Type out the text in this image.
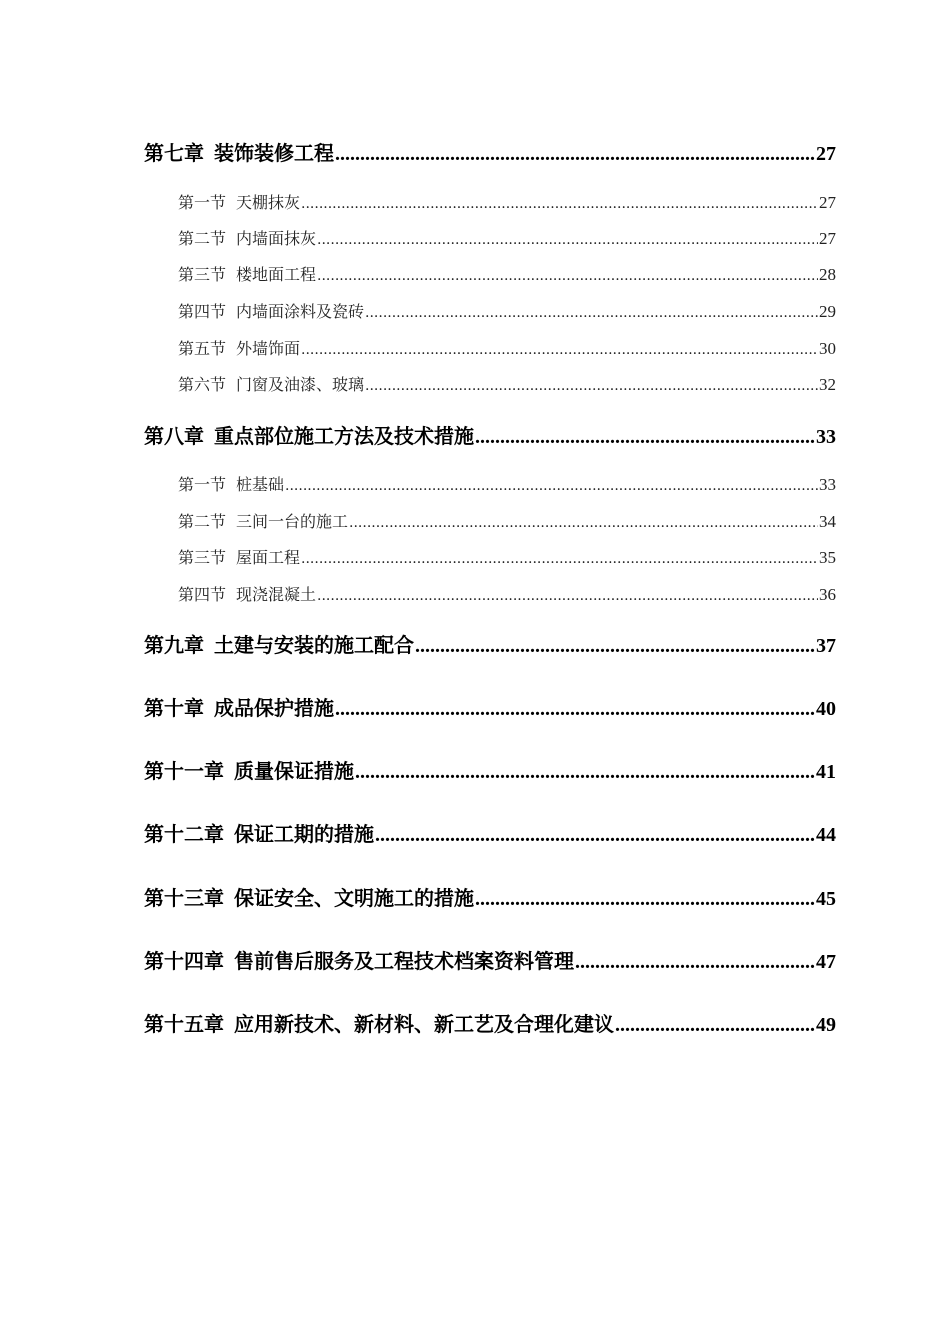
第七章 装饰装修工程 .....	27
第一节 天棚抹灰 .....	27
第二节 内墙面抹灰 .....	27
第三节 楼地面工程 .....	28
第四节 内墙面涂料及瓷砖 .....	29
第五节 外墙饰面 .....	30
第六节 门窗及油漆、玻璃 .....	32
第八章 重点部位施工方法及技术措施 .....	33
第一节 桩基础 .....	33
第二节 三间一台的施工 .....	34
第三节 屋面工程 .....	35
第四节 现浇混凝土 .....	36
第九章 土建与安装的施工配合 .....	37
第十章 成品保护措施 .....	40
第十一章 质量保证措施 .....	41
第十二章 保证工期的措施 .....	44
第十三章 保证安全、文明施工的措施 .....	45
第十四章 售前售后服务及工程技术档案资料管理 .....	47
第十五章 应用新技术、新材料、新工艺及合理化建议 .....	49
